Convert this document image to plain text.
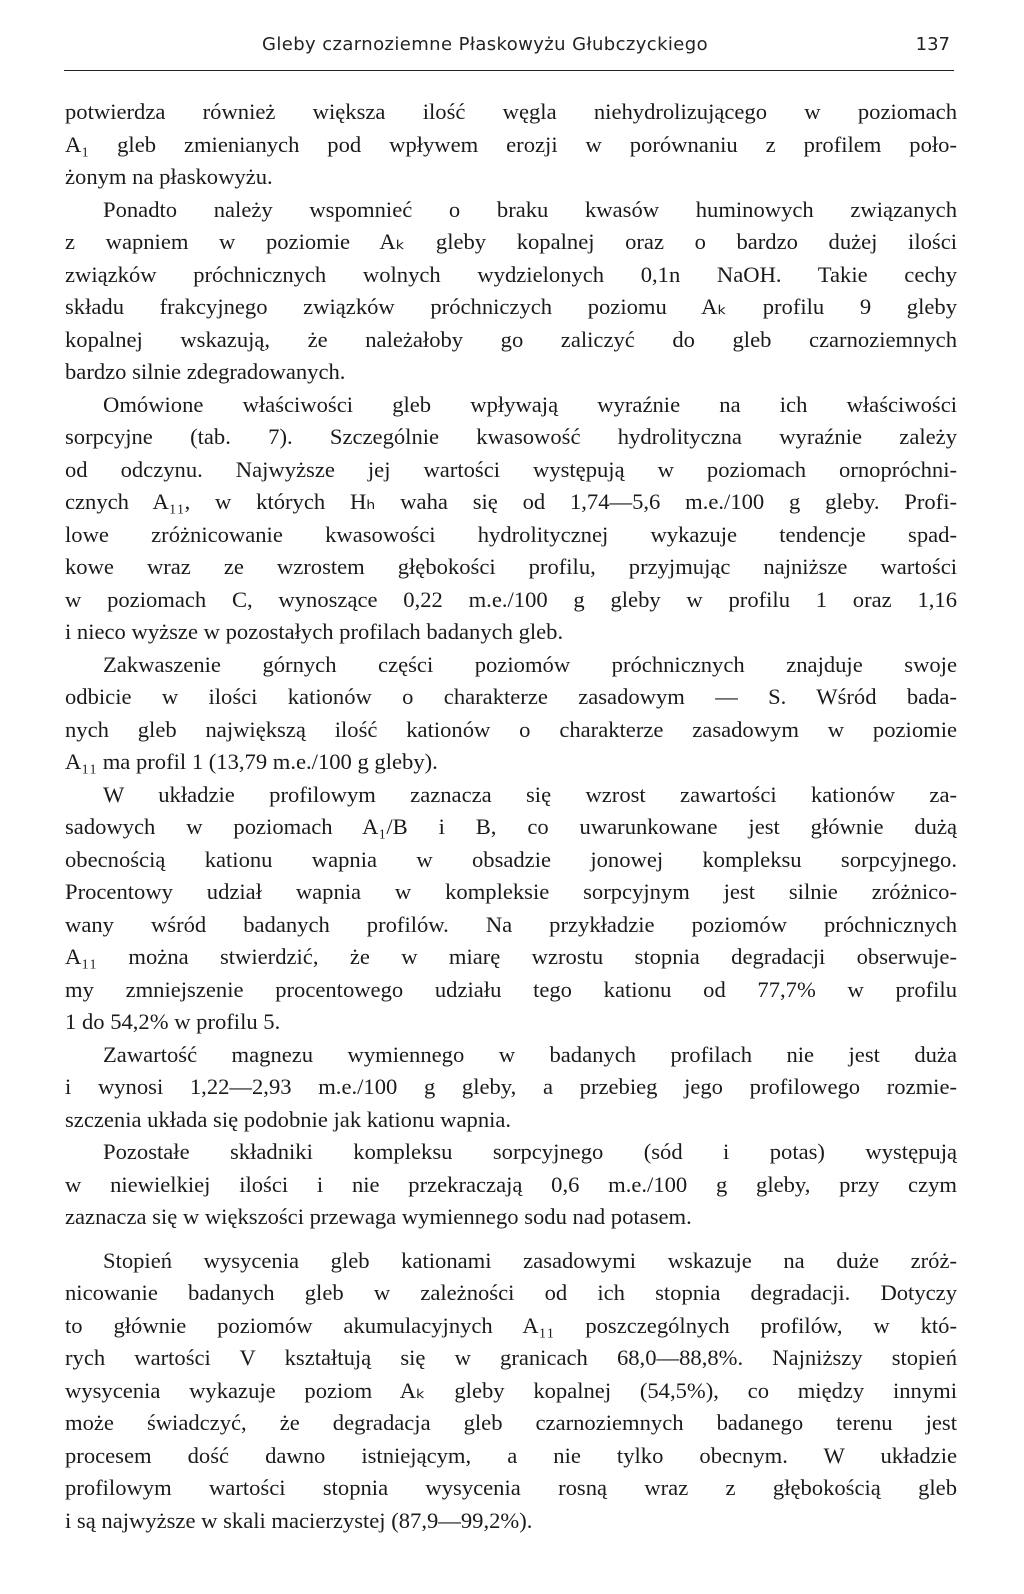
Gleby czarnoziemne Płaskowyżu Głubczyckiego	137

potwierdza również większa ilość węgla niehydrolizującego w poziomach
A₁ gleb zmienianych pod wpływem erozji w porównaniu z profilem poło-
żonym na płaskowyżu.

Ponadto należy wspomnieć o braku kwasów huminowych związanych
z wapniem w poziomie Aₖ gleby kopalnej oraz o bardzo dużej ilości
związków próchnicznych wolnych wydzielonych 0,1n NaOH. Takie cechy
składu frakcyjnego związków próchniczych poziomu Aₖ profilu 9 gleby
kopalnej wskazują, że należałoby go zaliczyć do gleb czarnoziemnych
bardzo silnie zdegradowanych.

Omówione właściwości gleb wpływają wyraźnie na ich właściwości
sorpcyjne (tab. 7). Szczególnie kwasowość hydrolityczna wyraźnie zależy
od odczynu. Najwyższe jej wartości występują w poziomach ornopróchni-
cznych A₁₁, w których Hₕ waha się od 1,74—5,6 m.e./100 g gleby. Profi-
lowe zróżnicowanie kwasowości hydrolitycznej wykazuje tendencje spad-
kowe wraz ze wzrostem głębokości profilu, przyjmując najniższe wartości
w poziomach C, wynoszące 0,22 m.e./100 g gleby w profilu 1 oraz 1,16
i nieco wyższe w pozostałych profilach badanych gleb.

Zakwaszenie górnych części poziomów próchnicznych znajduje swoje
odbicie w ilości kationów o charakterze zasadowym — S. Wśród bada-
nych gleb największą ilość kationów o charakterze zasadowym w poziomie
A₁₁ ma profil 1 (13,79 m.e./100 g gleby).

W układzie profilowym zaznacza się wzrost zawartości kationów za-
sadowych w poziomach A₁/B i B, co uwarunkowane jest głównie dużą
obecnością kationu wapnia w obsadzie jonowej kompleksu sorpcyjnego.
Procentowy udział wapnia w kompleksie sorpcyjnym jest silnie zróżnico-
wany wśród badanych profilów. Na przykładzie poziomów próchnicznych
A₁₁ można stwierdzić, że w miarę wzrostu stopnia degradacji obserwuje-
my zmniejszenie procentowego udziału tego kationu od 77,7% w profilu
1 do 54,2% w profilu 5.

Zawartość magnezu wymiennego w badanych profilach nie jest duża
i wynosi 1,22—2,93 m.e./100 g gleby, a przebieg jego profilowego rozmie-
szczenia układa się podobnie jak kationu wapnia.

Pozostałe składniki kompleksu sorpcyjnego (sód i potas) występują
w niewielkiej ilości i nie przekraczają 0,6 m.e./100 g gleby, przy czym
zaznacza się w większości przewaga wymiennego sodu nad potasem.

Stopień wysycenia gleb kationami zasadowymi wskazuje na duże zróż-
nicowanie badanych gleb w zależności od ich stopnia degradacji. Dotyczy
to głównie poziomów akumulacyjnych A₁₁ poszczególnych profilów, w któ-
rych wartości V kształtują się w granicach 68,0—88,8%. Najniższy stopień
wysycenia wykazuje poziom Aₖ gleby kopalnej (54,5%), co między innymi
może świadczyć, że degradacja gleb czarnoziemnych badanego terenu jest
procesem dość dawno istniejącym, a nie tylko obecnym. W układzie
profilowym wartości stopnia wysycenia rosną wraz z głębokością gleb
i są najwyższe w skali macierzystej (87,9—99,2%).
